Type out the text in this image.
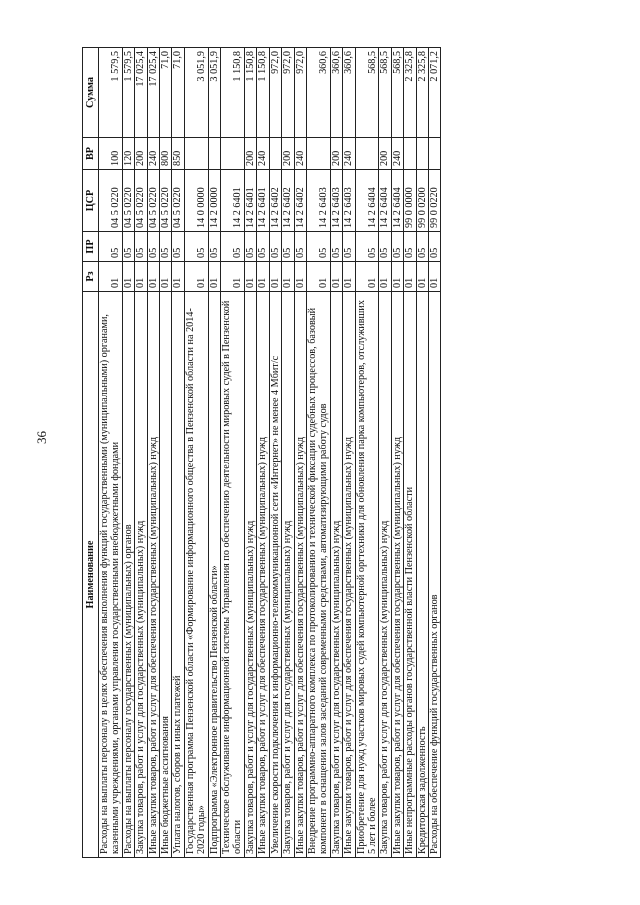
36
Наименование	Рз	ПР	ЦСР	ВР	Сумма
Расходы на выплаты персоналу в целях обеспечения выполнения функций государственными (муниципальными) органами, казенными учреждениями, органами управления государственными внебюджетными фондами	01	05	04 5 0220	100	1 579,5
Расходы на выплаты персоналу государственных (муниципальных) органов	01	05	04 5 0220	120	1 579,5
Закупка товаров, работ и услуг для государственных (муниципальных) нужд	01	05	04 5 0220	200	17 025,4
Иные закупки товаров, работ и услуг для обеспечения государственных (муниципальных) нужд	01	05	04 5 0220	240	17 025,4
Иные бюджетные ассигнования	01	05	04 5 0220	800	71,0
Уплата налогов, сборов и иных платежей	01	05	04 5 0220	850	71,0
Государственная программа Пензенской области «Формирование информационного общества в Пензенской области на 2014-2020 годы»	01	05	14 0 0000		3 051,9
Подпрограмма «Электронное правительство Пензенской области»	01	05	14 2 0000		3 051,9
Техническое обслуживание информационной системы Управления по обеспечению деятельности мировых судей в Пензенской области	01	05	14 2 6401		1 150,8
Закупка товаров, работ и услуг для государственных (муниципальных) нужд	01	05	14 2 6401	200	1 150,8
Иные закупки товаров, работ и услуг для обеспечения государственных (муниципальных) нужд	01	05	14 2 6401	240	1 150,8
Увеличение скорости подключения к информационно-телекоммуникационной сети «Интернет» не менее 4 Мбит/с	01	05	14 2 6402		972,0
Закупка товаров, работ и услуг для государственных (муниципальных) нужд	01	05	14 2 6402	200	972,0
Иные закупки товаров, работ и услуг для обеспечения государственных (муниципальных) нужд	01	05	14 2 6402	240	972,0
Внедрение программно-аппаратного комплекса по протоколированию и технической фиксации судебных процессов, базовый компонент в оснащении залов заседаний современными средствами, автоматизирующими работу судов	01	05	14 2 6403		360,6
Закупка товаров, работ и услуг для государственных (муниципальных) нужд	01	05	14 2 6403	200	360,6
Иные закупки товаров, работ и услуг для обеспечения государственных (муниципальных) нужд	01	05	14 2 6403	240	360,6
Приобретение для нужд участков мировых судей компьютерной оргтехники для обновления парка компьютеров, отслуживших 5 лет и более	01	05	14 2 6404		568,5
Закупка товаров, работ и услуг для государственных (муниципальных) нужд	01	05	14 2 6404	200	568,5
Иные закупки товаров, работ и услуг для обеспечения государственных (муниципальных) нужд	01	05	14 2 6404	240	568,5
Иные непрограммные расходы органов государственной власти Пензенской области	01	05	99 0 0000		2 325,8
Кредиторская задолженность	01	05	99 0 0200		2 325,8
Расходы на обеспечение функций государственных органов	01	05	99 0 0220		2 071,2
